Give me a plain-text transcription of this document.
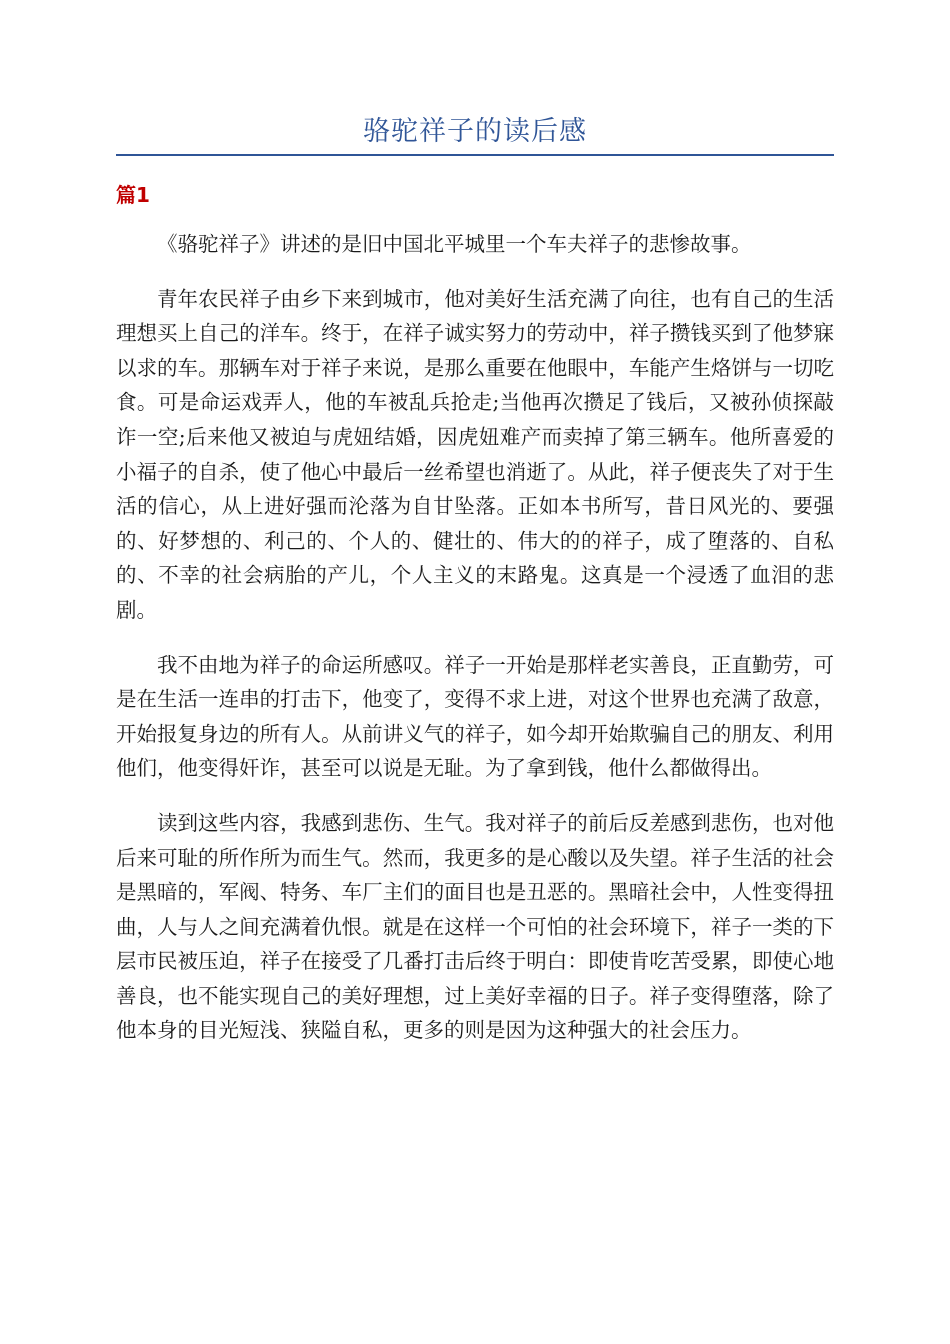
骆驼祥子的读后感
篇1

《骆驼祥子》讲述的是旧中国北平城里一个车夫祥子的悲惨故事。

青年农民祥子由乡下来到城市，他对美好生活充满了向往，也有自己的生活理想买上自己的洋车。终于，在祥子诚实努力的劳动中，祥子攒钱买到了他梦寐以求的车。那辆车对于祥子来说，是那么重要在他眼中，车能产生烙饼与一切吃食。可是命运戏弄人，他的车被乱兵抢走;当他再次攒足了钱后，又被孙侦探敲诈一空;后来他又被迫与虎妞结婚，因虎妞难产而卖掉了第三辆车。他所喜爱的小福子的自杀，使了他心中最后一丝希望也消逝了。从此，祥子便丧失了对于生活的信心，从上进好强而沦落为自甘坠落。正如本书所写，昔日风光的、要强的、好梦想的、利己的、个人的、健壮的、伟大的的祥子，成了堕落的、自私的、不幸的社会病胎的产儿，个人主义的末路鬼。这真是一个浸透了血泪的悲剧。

我不由地为祥子的命运所感叹。祥子一开始是那样老实善良，正直勤劳，可是在生活一连串的打击下，他变了，变得不求上进，对这个世界也充满了敌意，开始报复身边的所有人。从前讲义气的祥子，如今却开始欺骗自己的朋友、利用他们，他变得奸诈，甚至可以说是无耻。为了拿到钱，他什么都做得出。

读到这些内容，我感到悲伤、生气。我对祥子的前后反差感到悲伤，也对他后来可耻的所作所为而生气。然而，我更多的是心酸以及失望。祥子生活的社会是黑暗的，军阀、特务、车厂主们的面目也是丑恶的。黑暗社会中，人性变得扭曲，人与人之间充满着仇恨。就是在这样一个可怕的社会环境下，祥子一类的下层市民被压迫，祥子在接受了几番打击后终于明白：即使肯吃苦受累，即使心地善良，也不能实现自己的美好理想，过上美好幸福的日子。祥子变得堕落，除了他本身的目光短浅、狭隘自私，更多的则是因为这种强大的社会压力。
